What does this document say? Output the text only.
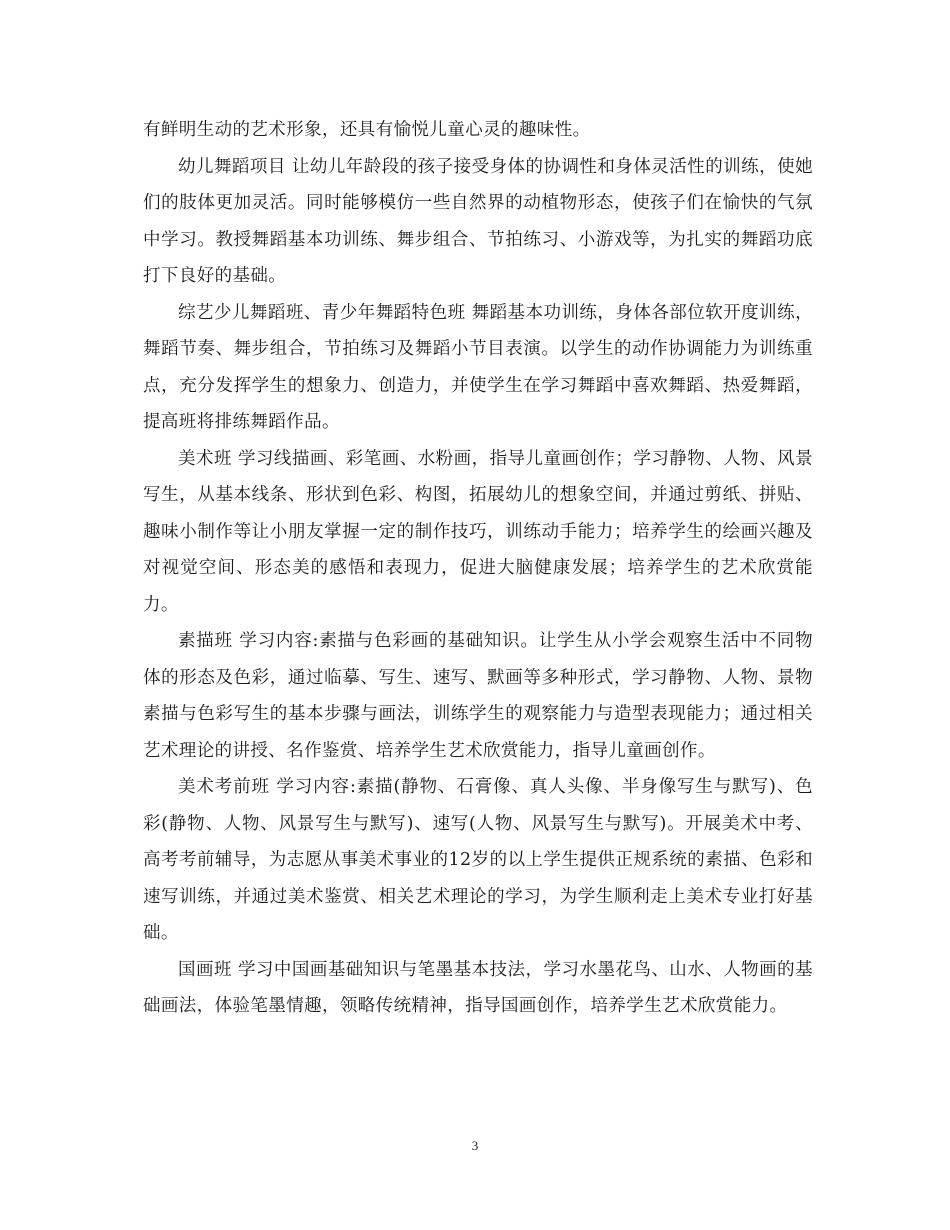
有鲜明生动的艺术形象，还具有愉悦儿童心灵的趣味性。

幼儿舞蹈项目 让幼儿年龄段的孩子接受身体的协调性和身体灵活性的训练，使她们的肢体更加灵活。同时能够模仿一些自然界的动植物形态，使孩子们在愉快的气氛中学习。教授舞蹈基本功训练、舞步组合、节拍练习、小游戏等，为扎实的舞蹈功底打下良好的基础。

综艺少儿舞蹈班、青少年舞蹈特色班 舞蹈基本功训练，身体各部位软开度训练，舞蹈节奏、舞步组合，节拍练习及舞蹈小节目表演。以学生的动作协调能力为训练重点，充分发挥学生的想象力、创造力，并使学生在学习舞蹈中喜欢舞蹈、热爱舞蹈，提高班将排练舞蹈作品。

美术班 学习线描画、彩笔画、水粉画，指导儿童画创作；学习静物、人物、风景写生，从基本线条、形状到色彩、构图，拓展幼儿的想象空间，并通过剪纸、拼贴、趣味小制作等让小朋友掌握一定的制作技巧，训练动手能力；培养学生的绘画兴趣及对视觉空间、形态美的感悟和表现力，促进大脑健康发展；培养学生的艺术欣赏能力。

素描班 学习内容:素描与色彩画的基础知识。让学生从小学会观察生活中不同物体的形态及色彩，通过临摹、写生、速写、默画等多种形式，学习静物、人物、景物素描与色彩写生的基本步骤与画法，训练学生的观察能力与造型表现能力；通过相关艺术理论的讲授、名作鉴赏、培养学生艺术欣赏能力，指导儿童画创作。

美术考前班 学习内容:素描(静物、石膏像、真人头像、半身像写生与默写)、色彩(静物、人物、风景写生与默写)、速写(人物、风景写生与默写)。开展美术中考、高考考前辅导，为志愿从事美术事业的12岁的以上学生提供正规系统的素描、色彩和速写训练，并通过美术鉴赏、相关艺术理论的学习，为学生顺利走上美术专业打好基础。

国画班 学习中国画基础知识与笔墨基本技法，学习水墨花鸟、山水、人物画的基础画法，体验笔墨情趣，领略传统精神，指导国画创作，培养学生艺术欣赏能力。

3
